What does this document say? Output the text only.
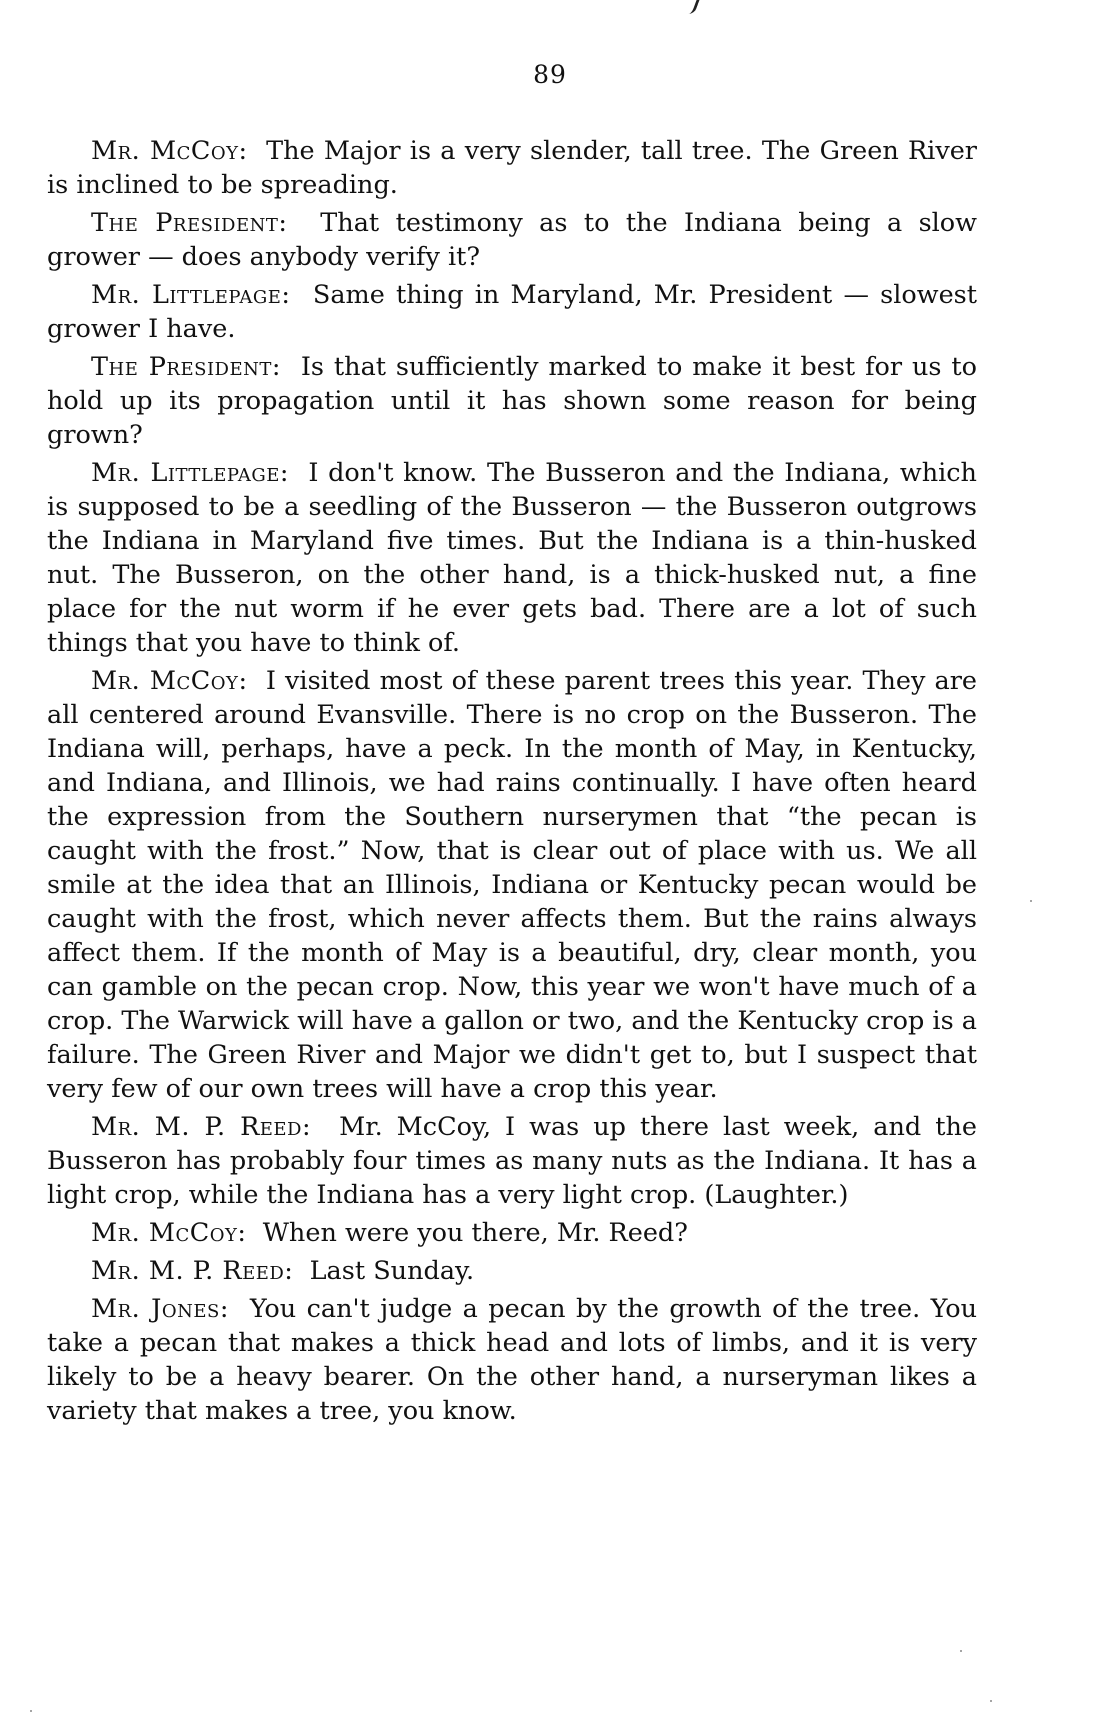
89

Mr. McCoy: The Major is a very slender, tall tree. The Green River is inclined to be spreading.

The President: That testimony as to the Indiana being a slow grower — does anybody verify it?

Mr. Littlepage: Same thing in Maryland, Mr. President — slowest grower I have.

The President: Is that sufficiently marked to make it best for us to hold up its propagation until it has shown some reason for being grown?

Mr. Littlepage: I don't know. The Busseron and the Indiana, which is supposed to be a seedling of the Busseron — the Busseron outgrows the Indiana in Maryland five times. But the Indiana is a thin-husked nut. The Busseron, on the other hand, is a thick-husked nut, a fine place for the nut worm if he ever gets bad. There are a lot of such things that you have to think of.

Mr. McCoy: I visited most of these parent trees this year. They are all centered around Evansville. There is no crop on the Busseron. The Indiana will, perhaps, have a peck. In the month of May, in Kentucky, and Indiana, and Illinois, we had rains continually. I have often heard the expression from the Southern nurserymen that “the pecan is caught with the frost.” Now, that is clear out of place with us. We all smile at the idea that an Illinois, Indiana or Kentucky pecan would be caught with the frost, which never affects them. But the rains always affect them. If the month of May is a beautiful, dry, clear month, you can gamble on the pecan crop. Now, this year we won't have much of a crop. The Warwick will have a gallon or two, and the Kentucky crop is a failure. The Green River and Major we didn't get to, but I suspect that very few of our own trees will have a crop this year.

Mr. M. P. Reed: Mr. McCoy, I was up there last week, and the Busseron has probably four times as many nuts as the Indiana. It has a light crop, while the Indiana has a very light crop. (Laughter.)

Mr. McCoy: When were you there, Mr. Reed?

Mr. M. P. Reed: Last Sunday.

Mr. Jones: You can't judge a pecan by the growth of the tree. You take a pecan that makes a thick head and lots of limbs, and it is very likely to be a heavy bearer. On the other hand, a nurseryman likes a variety that makes a tree, you know.
